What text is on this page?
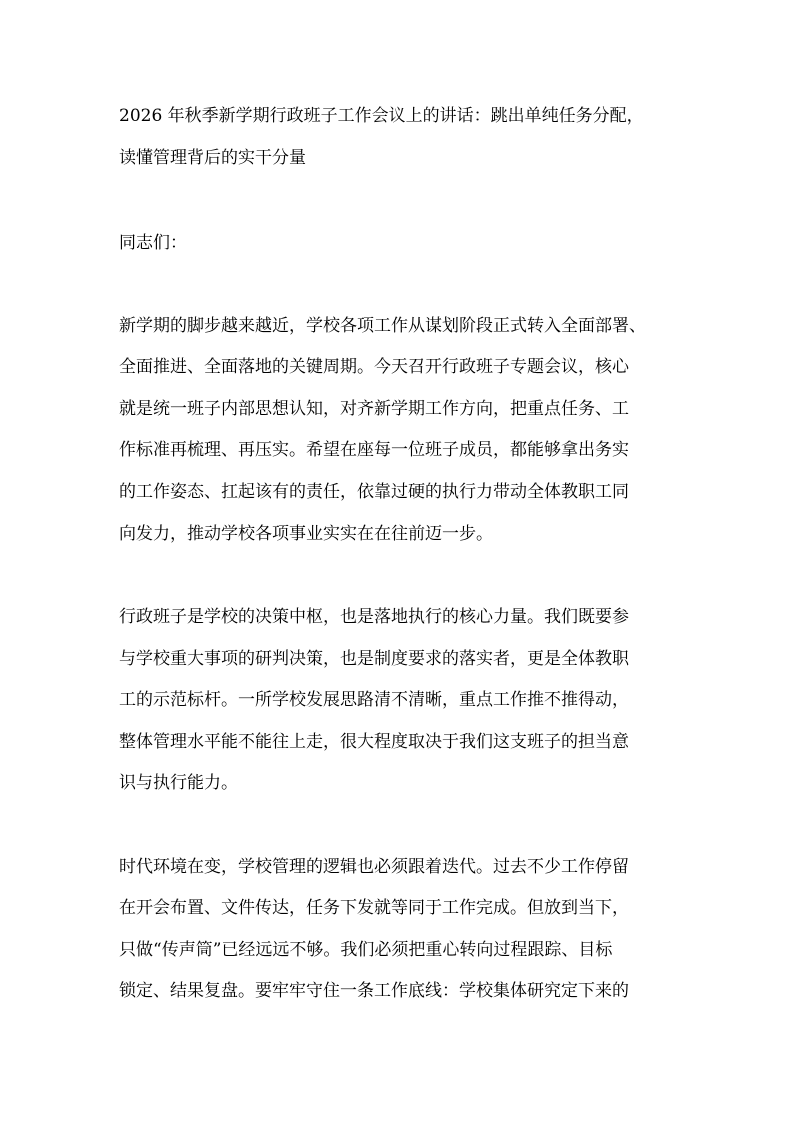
2026 年秋季新学期行政班子工作会议上的讲话：跳出单纯任务分配，
读懂管理背后的实干分量
同志们：
新学期的脚步越来越近，学校各项工作从谋划阶段正式转入全面部署、
全面推进、全面落地的关键周期。今天召开行政班子专题会议，核心
就是统一班子内部思想认知，对齐新学期工作方向，把重点任务、工
作标准再梳理、再压实。希望在座每一位班子成员，都能够拿出务实
的工作姿态、扛起该有的责任，依靠过硬的执行力带动全体教职工同
向发力，推动学校各项事业实实在在往前迈一步。
行政班子是学校的决策中枢，也是落地执行的核心力量。我们既要参
与学校重大事项的研判决策，也是制度要求的落实者，更是全体教职
工的示范标杆。一所学校发展思路清不清晰，重点工作推不推得动，
整体管理水平能不能往上走，很大程度取决于我们这支班子的担当意
识与执行能力。
时代环境在变，学校管理的逻辑也必须跟着迭代。过去不少工作停留
在开会布置、文件传达，任务下发就等同于工作完成。但放到当下，
只做“传声筒”已经远远不够。我们必须把重心转向过程跟踪、目标
锁定、结果复盘。要牢牢守住一条工作底线：学校集体研究定下来的
